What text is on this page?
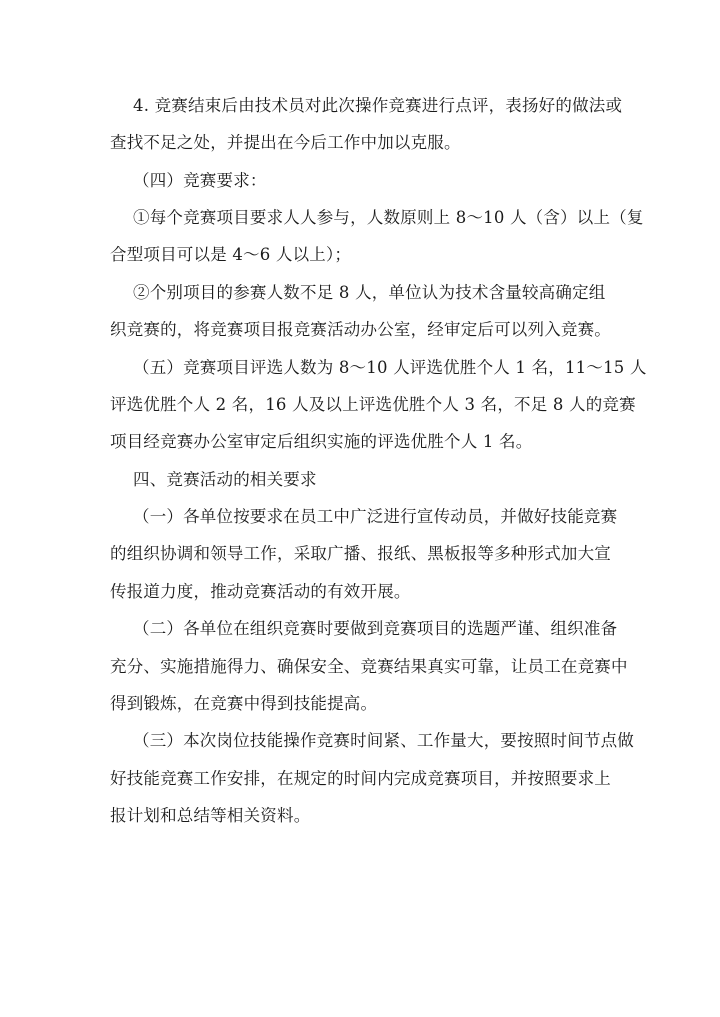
4. 竞赛结束后由技术员对此次操作竞赛进行点评，表扬好的做法或
查找不足之处，并提出在今后工作中加以克服。
（四）竞赛要求：
①每个竞赛项目要求人人参与，人数原则上 8～10 人（含）以上（复
合型项目可以是 4～6 人以上）；
②个别项目的参赛人数不足 8 人，单位认为技术含量较高确定组
织竞赛的，将竞赛项目报竞赛活动办公室，经审定后可以列入竞赛。
（五）竞赛项目评选人数为 8～10 人评选优胜个人 1 名，11～15 人
评选优胜个人 2 名，16 人及以上评选优胜个人 3 名，不足 8 人的竞赛
项目经竞赛办公室审定后组织实施的评选优胜个人 1 名。
四、竞赛活动的相关要求
（一）各单位按要求在员工中广泛进行宣传动员，并做好技能竞赛
的组织协调和领导工作，采取广播、报纸、黑板报等多种形式加大宣
传报道力度，推动竞赛活动的有效开展。
（二）各单位在组织竞赛时要做到竞赛项目的选题严谨、组织准备
充分、实施措施得力、确保安全、竞赛结果真实可靠，让员工在竞赛中
得到锻炼，在竞赛中得到技能提高。
（三）本次岗位技能操作竞赛时间紧、工作量大，要按照时间节点做
好技能竞赛工作安排，在规定的时间内完成竞赛项目，并按照要求上
报计划和总结等相关资料。
